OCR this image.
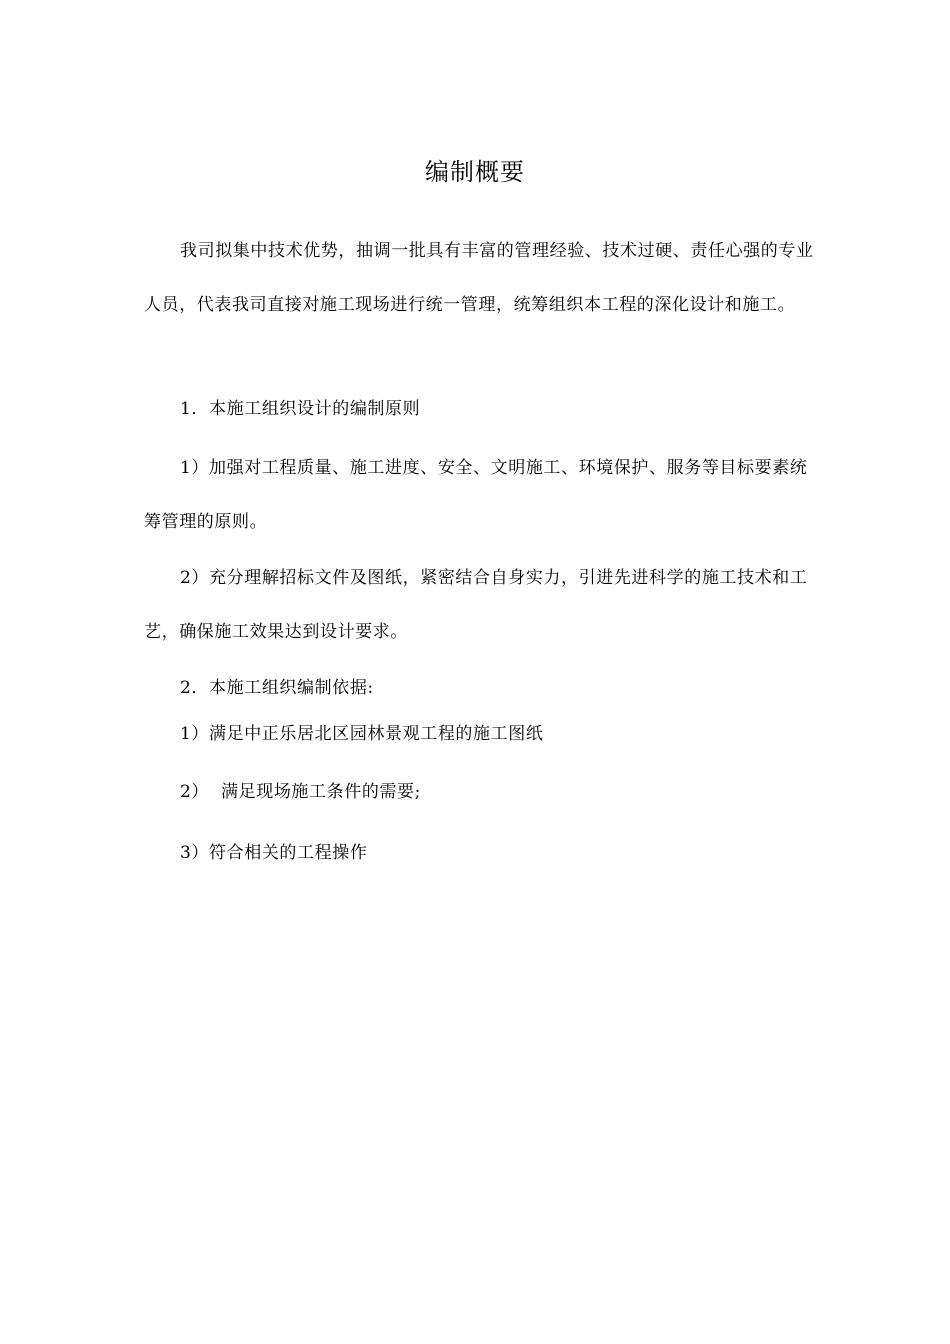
编制概要
我司拟集中技术优势，抽调一批具有丰富的管理经验、技术过硬、责任心强的专业人员，代表我司直接对施工现场进行统一管理，统筹组织本工程的深化设计和施工。
1．本施工组织设计的编制原则
1）加强对工程质量、施工进度、安全、文明施工、环境保护、服务等目标要素统筹管理的原则。
2）充分理解招标文件及图纸，紧密结合自身实力，引进先进科学的施工技术和工艺，确保施工效果达到设计要求。
2．本施工组织编制依据:
1）满足中正乐居北区园林景观工程的施工图纸
2）  满足现场施工条件的需要;
3）符合相关的工程操作
